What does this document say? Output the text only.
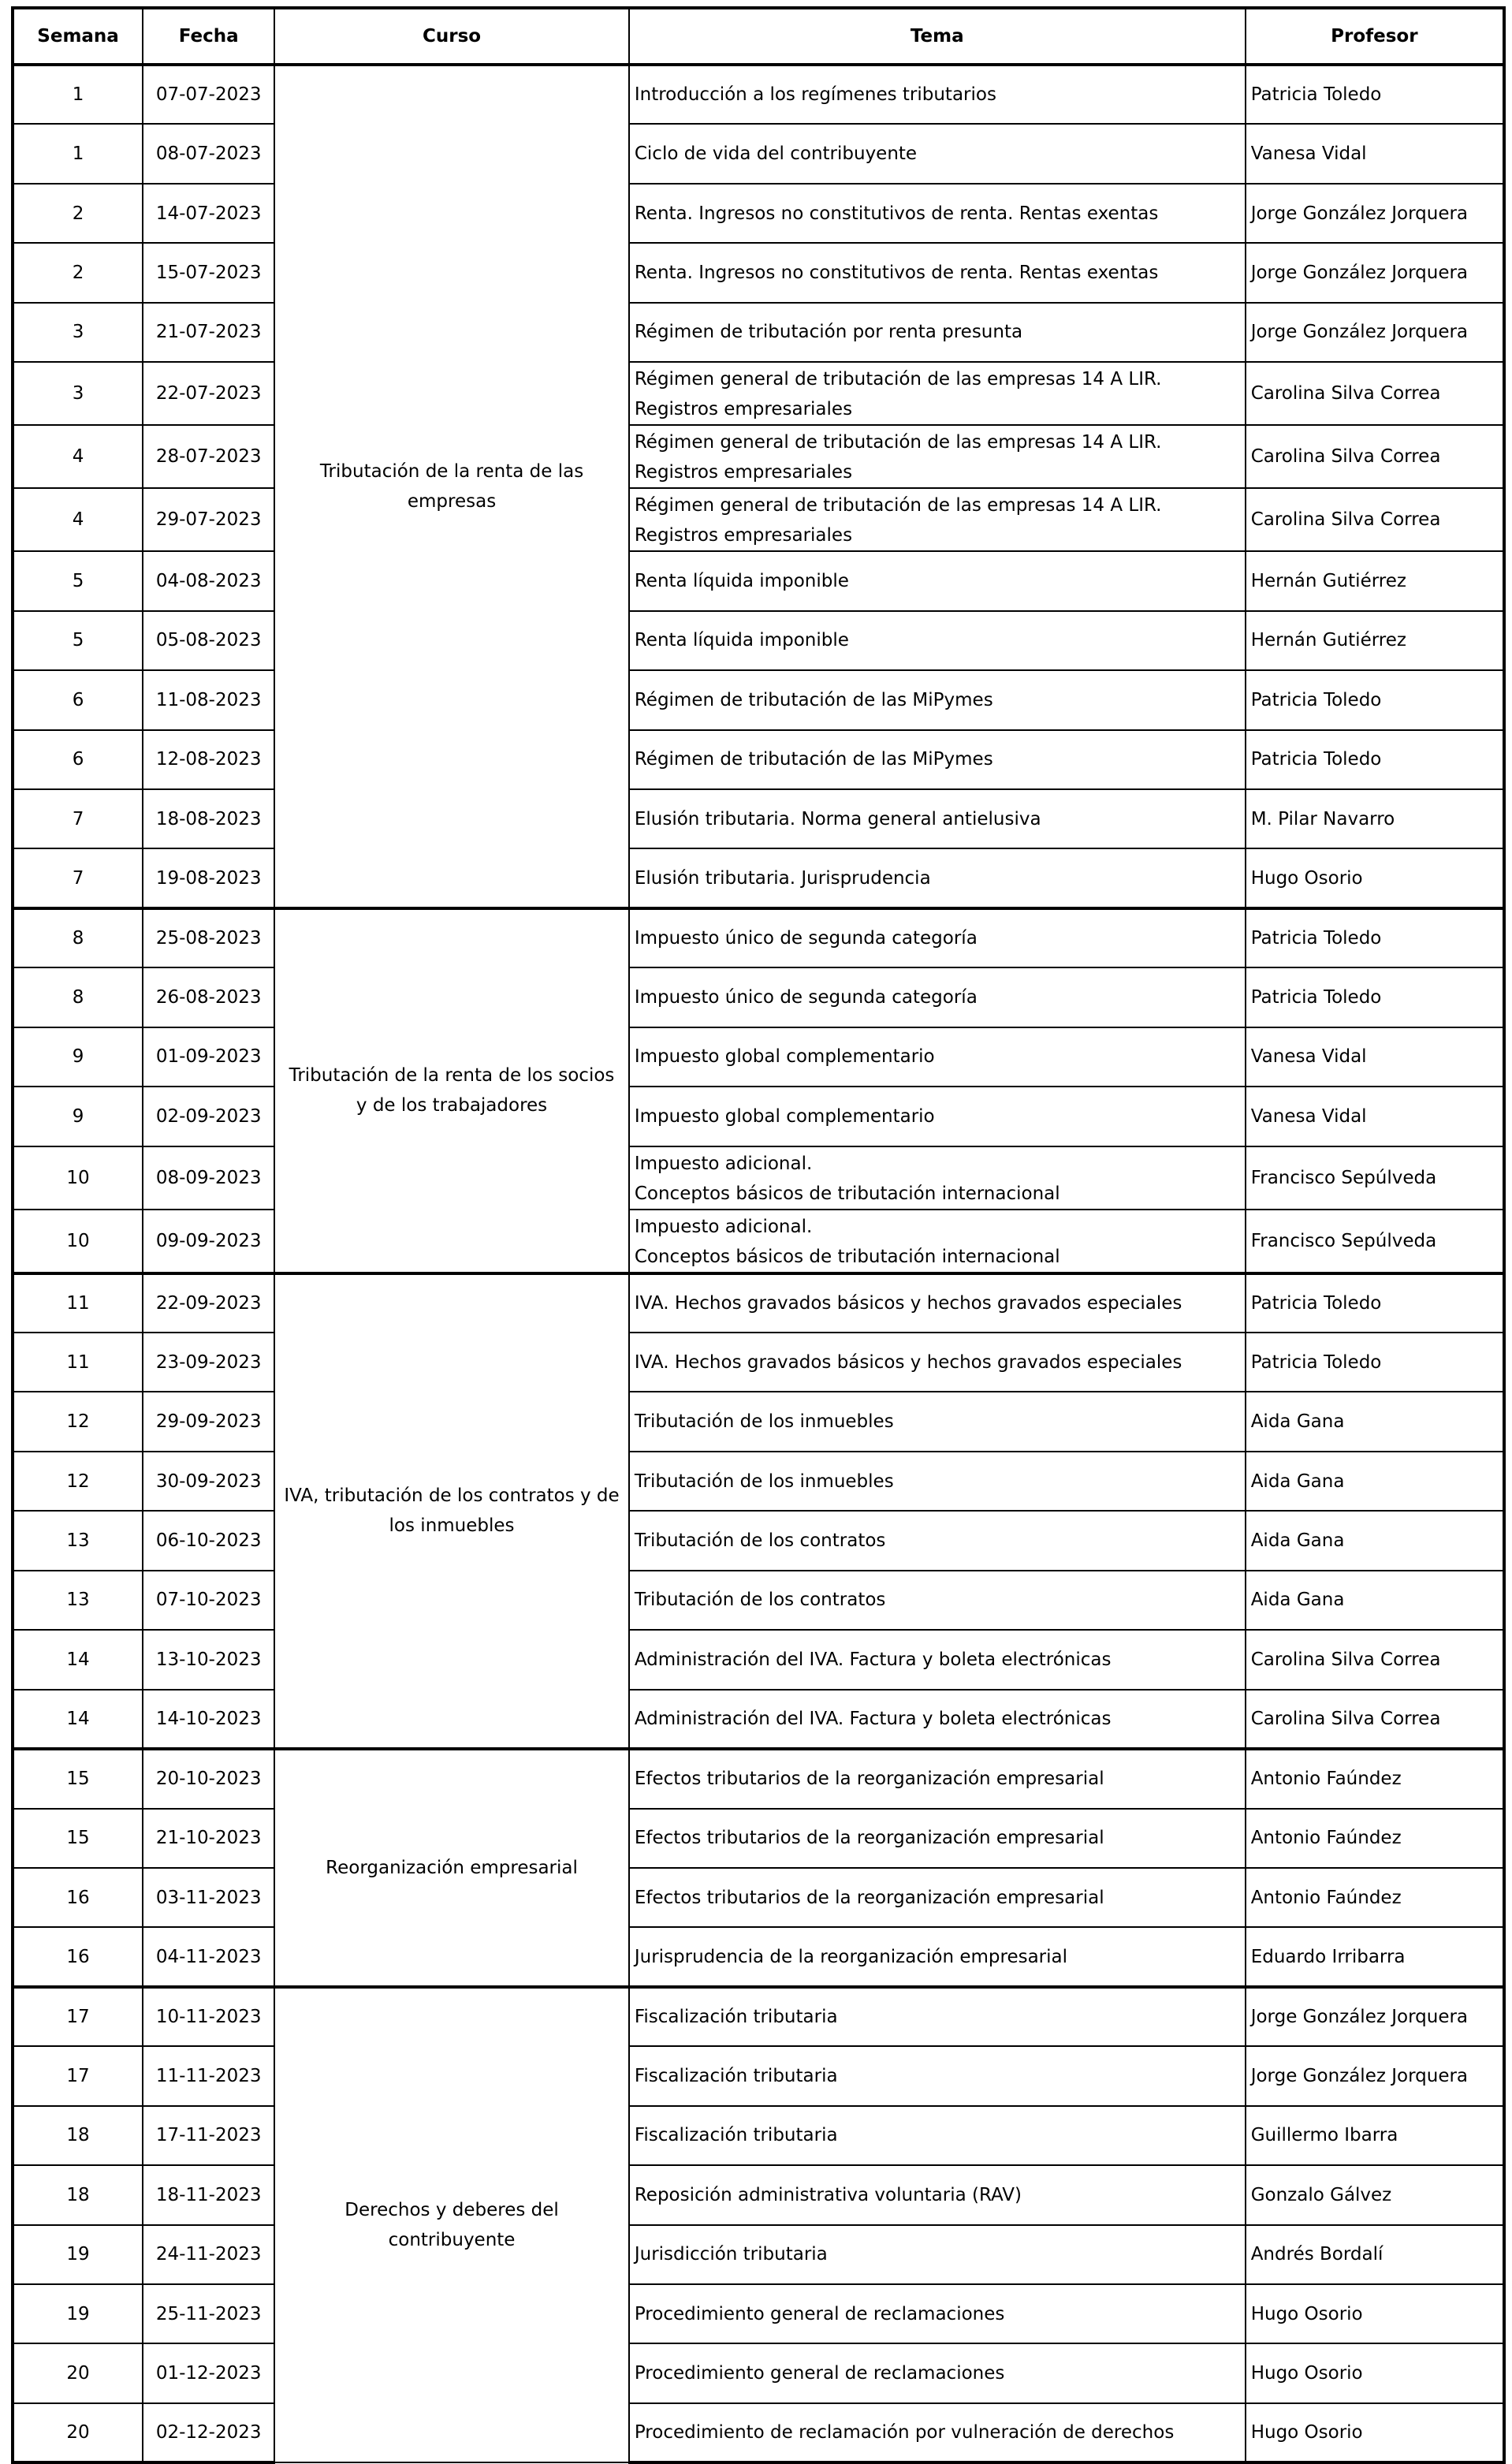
Semana	Fecha	Curso	Tema	Profesor
1	07-07-2023	Tributación de la renta de las empresas	Introducción a los regímenes tributarios	Patricia Toledo
1	08-07-2023		Ciclo de vida del contribuyente	Vanesa Vidal
2	14-07-2023		Renta. Ingresos no constitutivos de renta. Rentas exentas	Jorge González Jorquera
2	15-07-2023		Renta. Ingresos no constitutivos de renta. Rentas exentas	Jorge González Jorquera
3	21-07-2023		Régimen de tributación por renta presunta	Jorge González Jorquera
3	22-07-2023		Régimen general de tributación de las empresas 14 A LIR.
Registros empresariales	Carolina Silva Correa
4	28-07-2023		Régimen general de tributación de las empresas 14 A LIR.
Registros empresariales	Carolina Silva Correa
4	29-07-2023		Régimen general de tributación de las empresas 14 A LIR.
Registros empresariales	Carolina Silva Correa
5	04-08-2023		Renta líquida imponible	Hernán Gutiérrez
5	05-08-2023		Renta líquida imponible	Hernán Gutiérrez
6	11-08-2023		Régimen de tributación de las MiPymes	Patricia Toledo
6	12-08-2023		Régimen de tributación de las MiPymes	Patricia Toledo
7	18-08-2023		Elusión tributaria. Norma general antielusiva	M. Pilar Navarro
7	19-08-2023		Elusión tributaria. Jurisprudencia	Hugo Osorio
8	25-08-2023	Tributación de la renta de los socios y de los trabajadores	Impuesto único de segunda categoría	Patricia Toledo
8	26-08-2023		Impuesto único de segunda categoría	Patricia Toledo
9	01-09-2023		Impuesto global complementario	Vanesa Vidal
9	02-09-2023		Impuesto global complementario	Vanesa Vidal
10	08-09-2023		Impuesto adicional.
Conceptos básicos de tributación internacional	Francisco Sepúlveda
10	09-09-2023		Impuesto adicional.
Conceptos básicos de tributación internacional	Francisco Sepúlveda
11	22-09-2023	IVA, tributación de los contratos y de los inmuebles	IVA. Hechos gravados básicos y hechos gravados especiales	Patricia Toledo
11	23-09-2023		IVA. Hechos gravados básicos y hechos gravados especiales	Patricia Toledo
12	29-09-2023		Tributación de los inmuebles	Aida Gana
12	30-09-2023		Tributación de los inmuebles	Aida Gana
13	06-10-2023		Tributación de los contratos	Aida Gana
13	07-10-2023		Tributación de los contratos	Aida Gana
14	13-10-2023		Administración del IVA. Factura y boleta electrónicas	Carolina Silva Correa
14	14-10-2023		Administración del IVA. Factura y boleta electrónicas	Carolina Silva Correa
15	20-10-2023	Reorganización empresarial	Efectos tributarios de la reorganización empresarial	Antonio Faúndez
15	21-10-2023		Efectos tributarios de la reorganización empresarial	Antonio Faúndez
16	03-11-2023		Efectos tributarios de la reorganización empresarial	Antonio Faúndez
16	04-11-2023		Jurisprudencia de la reorganización empresarial	Eduardo Irribarra
17	10-11-2023	Derechos y deberes del contribuyente	Fiscalización tributaria	Jorge González Jorquera
17	11-11-2023		Fiscalización tributaria	Jorge González Jorquera
18	17-11-2023		Fiscalización tributaria	Guillermo Ibarra
18	18-11-2023		Reposición administrativa voluntaria (RAV)	Gonzalo Gálvez
19	24-11-2023		Jurisdicción tributaria	Andrés Bordalí
19	25-11-2023		Procedimiento general de reclamaciones	Hugo Osorio
20	01-12-2023		Procedimiento general de reclamaciones	Hugo Osorio
20	02-12-2023		Procedimiento de reclamación por vulneración de derechos	Hugo Osorio
